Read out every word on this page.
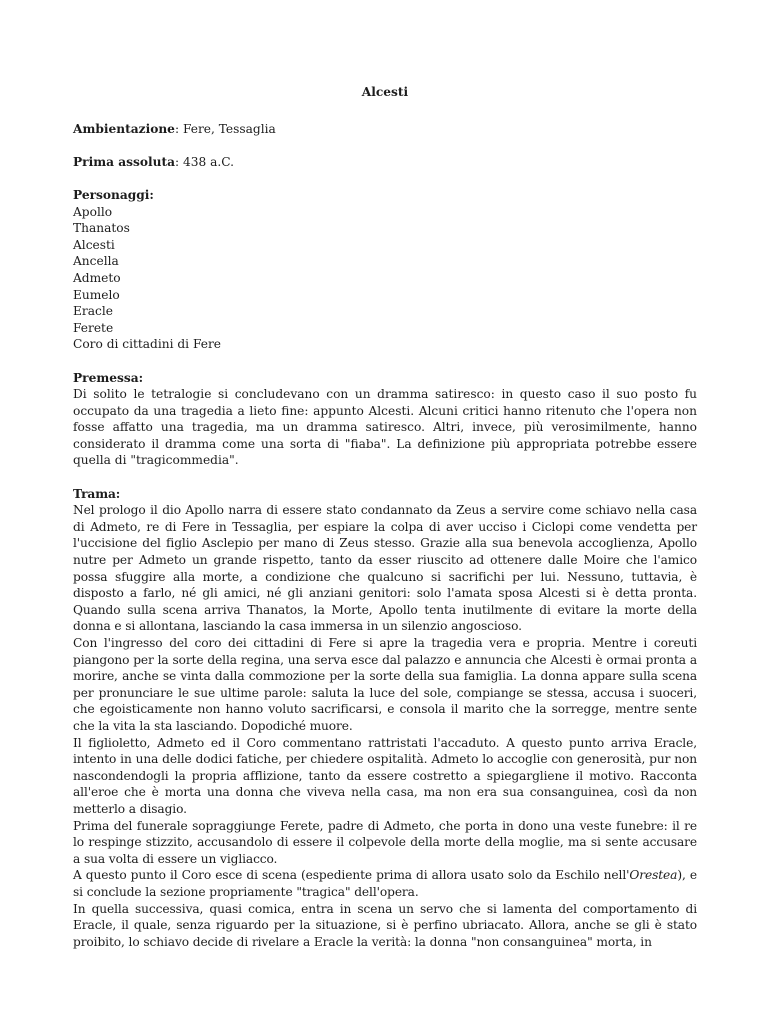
Alcesti
Ambientazione: Fere, Tessaglia
Prima assoluta: 438 a.C.
Personaggi:
Apollo
Thanatos
Alcesti
Ancella
Admeto
Eumelo
Eracle
Ferete
Coro di cittadini di Fere
Premessa:

Di solito le tetralogie si concludevano con un dramma satiresco: in questo caso il suo posto fu occupato da una tragedia a lieto fine: appunto Alcesti. Alcuni critici hanno ritenuto che l'opera non fosse affatto una tragedia, ma un dramma satiresco. Altri, invece, più verosimilmente, hanno considerato il dramma come una sorta di "fiaba". La definizione più appropriata potrebbe essere quella di "tragicommedia".

Trama:

Nel prologo il dio Apollo narra di essere stato condannato da Zeus a servire come schiavo nella casa di Admeto, re di Fere in Tessaglia, per espiare la colpa di aver ucciso i Ciclopi come vendetta per l'uccisione del figlio Asclepio per mano di Zeus stesso. Grazie alla sua benevola accoglienza, Apollo nutre per Admeto un grande rispetto, tanto da esser riuscito ad ottenere dalle Moire che l'amico possa sfuggire alla morte, a condizione che qualcuno si sacrifichi per lui. Nessuno, tuttavia, è disposto a farlo, né gli amici, né gli anziani genitori: solo l'amata sposa Alcesti si è detta pronta. Quando sulla scena arriva Thanatos, la Morte, Apollo tenta inutilmente di evitare la morte della donna e si allontana, lasciando la casa immersa in un silenzio angoscioso.

Con l'ingresso del coro dei cittadini di Fere si apre la tragedia vera e propria. Mentre i coreuti piangono per la sorte della regina, una serva esce dal palazzo e annuncia che Alcesti è ormai pronta a morire, anche se vinta dalla commozione per la sorte della sua famiglia. La donna appare sulla scena per pronunciare le sue ultime parole: saluta la luce del sole, compiange se stessa, accusa i suoceri, che egoisticamente non hanno voluto sacrificarsi, e consola il marito che la sorregge, mentre sente che la vita la sta lasciando. Dopodiché muore.

Il figlioletto, Admeto ed il Coro commentano rattristati l'accaduto. A questo punto arriva Eracle, intento in una delle dodici fatiche, per chiedere ospitalità. Admeto lo accoglie con generosità, pur non nascondendogli la propria afflizione, tanto da essere costretto a spiegargliene il motivo. Racconta all'eroe che è morta una donna che viveva nella casa, ma non era sua consanguinea, così da non metterlo a disagio.

Prima del funerale sopraggiunge Ferete, padre di Admeto, che porta in dono una veste funebre: il re lo respinge stizzito, accusandolo di essere il colpevole della morte della moglie, ma si sente accusare a sua volta di essere un vigliacco.

A questo punto il Coro esce di scena (espediente prima di allora usato solo da Eschilo nell'Orestea), e si conclude la sezione propriamente "tragica" dell'opera.

In quella successiva, quasi comica, entra in scena un servo che si lamenta del comportamento di Eracle, il quale, senza riguardo per la situazione, si è perfino ubriacato. Allora, anche se gli è stato proibito, lo schiavo decide di rivelare a Eracle la verità: la donna "non consanguinea" morta, in
